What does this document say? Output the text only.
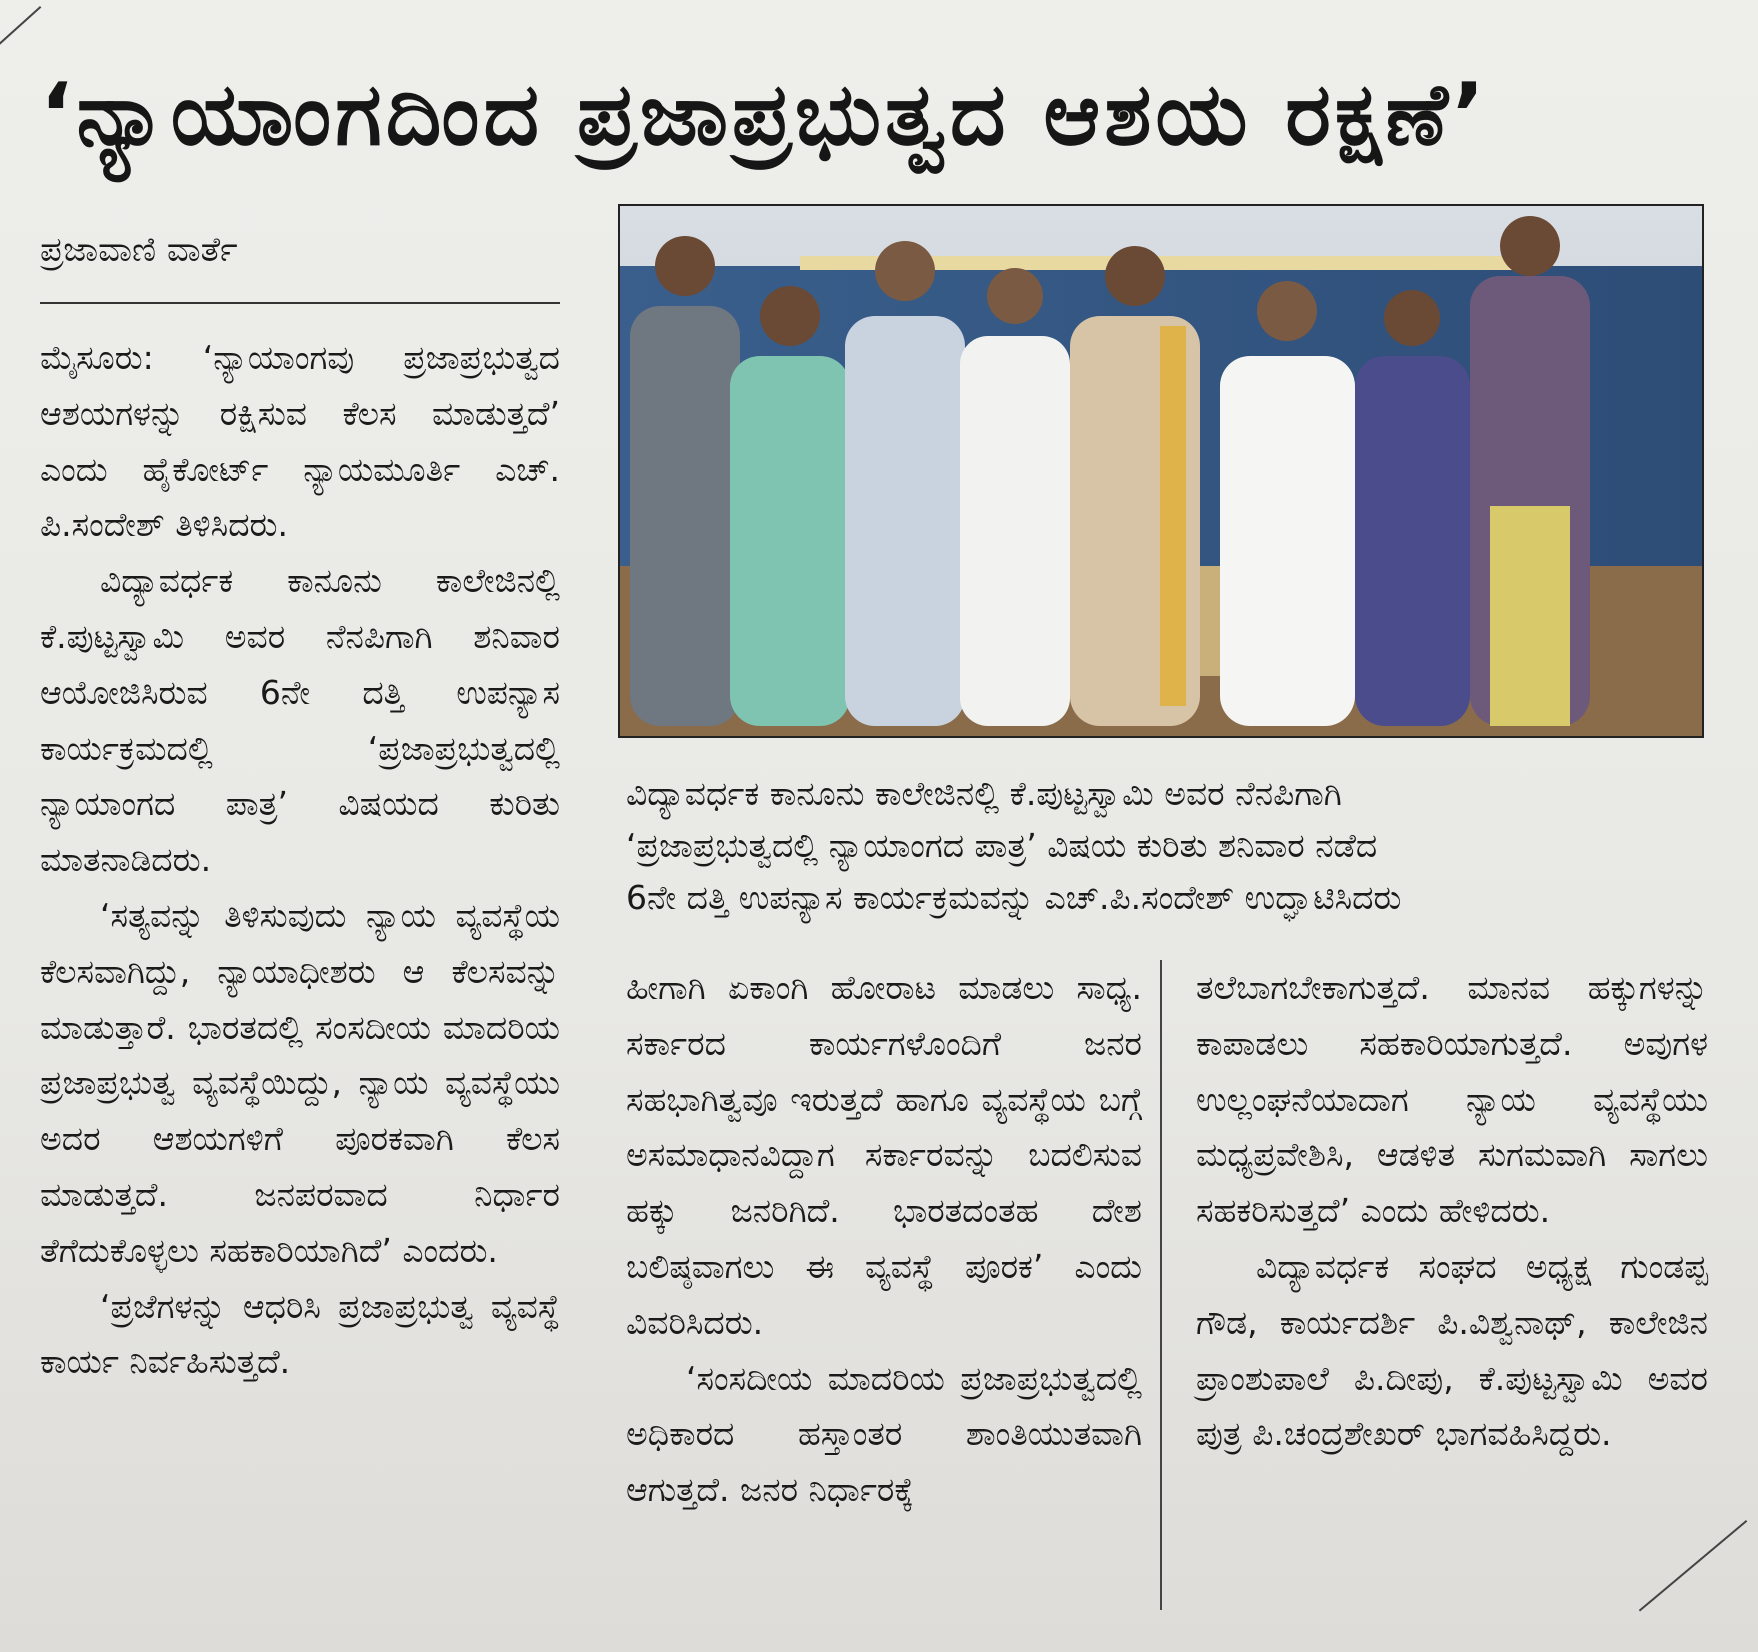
‘ನ್ಯಾಯಾಂಗದಿಂದ ಪ್ರಜಾಪ್ರಭುತ್ವದ ಆಶಯ ರಕ್ಷಣೆ’
ಪ್ರಜಾವಾಣಿ ವಾರ್ತೆ

ಮೈಸೂರು: ‘ನ್ಯಾಯಾಂಗವು ಪ್ರಜಾಪ್ರಭುತ್ವದ ಆಶಯಗಳನ್ನು ರಕ್ಷಿಸುವ ಕೆಲಸ ಮಾಡುತ್ತದೆ’ ಎಂದು ಹೈಕೋರ್ಟ್ ನ್ಯಾಯಮೂರ್ತಿ ಎಚ್. ಪಿ.ಸಂದೇಶ್ ತಿಳಿಸಿದರು.

ವಿದ್ಯಾವರ್ಧಕ ಕಾನೂನು ಕಾಲೇಜಿನಲ್ಲಿ ಕೆ.ಪುಟ್ಟಸ್ವಾಮಿ ಅವರ ನೆನಪಿಗಾಗಿ ಶನಿವಾರ ಆಯೋಜಿಸಿರುವ 6ನೇ ದತ್ತಿ ಉಪನ್ಯಾಸ ಕಾರ್ಯಕ್ರಮದಲ್ಲಿ ‘ಪ್ರಜಾಪ್ರಭುತ್ವದಲ್ಲಿ ನ್ಯಾಯಾಂಗದ ಪಾತ್ರ’ ವಿಷಯದ ಕುರಿತು ಮಾತನಾಡಿದರು.

‘ಸತ್ಯವನ್ನು ತಿಳಿಸುವುದು ನ್ಯಾಯ ವ್ಯವಸ್ಥೆಯ ಕೆಲಸವಾಗಿದ್ದು, ನ್ಯಾಯಾಧೀಶರು ಆ ಕೆಲಸವನ್ನು ಮಾಡುತ್ತಾರೆ. ಭಾರತದಲ್ಲಿ ಸಂಸದೀಯ ಮಾದರಿಯ ಪ್ರಜಾಪ್ರಭುತ್ವ ವ್ಯವಸ್ಥೆಯಿದ್ದು, ನ್ಯಾಯ ವ್ಯವಸ್ಥೆಯು ಅದರ ಆಶಯಗಳಿಗೆ ಪೂರಕವಾಗಿ ಕೆಲಸ ಮಾಡುತ್ತದೆ. ಜನಪರವಾದ ನಿರ್ಧಾರ ತೆಗೆದುಕೊಳ್ಳಲು ಸಹಕಾರಿಯಾಗಿದೆ’ ಎಂದರು.

‘ಪ್ರಜೆಗಳನ್ನು ಆಧರಿಸಿ ಪ್ರಜಾಪ್ರಭುತ್ವ ವ್ಯವಸ್ಥೆ ಕಾರ್ಯ ನಿರ್ವಹಿಸುತ್ತದೆ.

ವಿದ್ಯಾವರ್ಧಕ ಕಾನೂನು ಕಾಲೇಜಿನಲ್ಲಿ ಕೆ.ಪುಟ್ಟಸ್ವಾಮಿ ಅವರ ನೆನಪಿಗಾಗಿ
‘ಪ್ರಜಾಪ್ರಭುತ್ವದಲ್ಲಿ ನ್ಯಾಯಾಂಗದ ಪಾತ್ರ’ ವಿಷಯ ಕುರಿತು ಶನಿವಾರ ನಡೆದ
6ನೇ ದತ್ತಿ ಉಪನ್ಯಾಸ ಕಾರ್ಯಕ್ರಮವನ್ನು ಎಚ್.ಪಿ.ಸಂದೇಶ್ ಉದ್ಘಾಟಿಸಿದರು

ಹೀಗಾಗಿ ಏಕಾಂಗಿ ಹೋರಾಟ ಮಾಡಲು ಸಾಧ್ಯ. ಸರ್ಕಾರದ ಕಾರ್ಯಗಳೊಂದಿಗೆ ಜನರ ಸಹಭಾಗಿತ್ವವೂ ಇರುತ್ತದೆ ಹಾಗೂ ವ್ಯವಸ್ಥೆಯ ಬಗ್ಗೆ ಅಸಮಾಧಾನವಿದ್ದಾಗ ಸರ್ಕಾರವನ್ನು ಬದಲಿಸುವ ಹಕ್ಕು ಜನರಿಗಿದೆ. ಭಾರತದಂತಹ ದೇಶ ಬಲಿಷ್ಠವಾಗಲು ಈ ವ್ಯವಸ್ಥೆ ಪೂರಕ’ ಎಂದು ವಿವರಿಸಿದರು.

‘ಸಂಸದೀಯ ಮಾದರಿಯ ಪ್ರಜಾಪ್ರಭುತ್ವದಲ್ಲಿ ಅಧಿಕಾರದ ಹಸ್ತಾಂತರ ಶಾಂತಿಯುತವಾಗಿ ಆಗುತ್ತದೆ. ಜನರ ನಿರ್ಧಾರಕ್ಕೆ

ತಲೆಬಾಗಬೇಕಾಗುತ್ತದೆ. ಮಾನವ ಹಕ್ಕುಗಳನ್ನು ಕಾಪಾಡಲು ಸಹಕಾರಿಯಾಗುತ್ತದೆ. ಅವುಗಳ ಉಲ್ಲಂಘನೆಯಾದಾಗ ನ್ಯಾಯ ವ್ಯವಸ್ಥೆಯು ಮಧ್ಯಪ್ರವೇಶಿಸಿ, ಆಡಳಿತ ಸುಗಮವಾಗಿ ಸಾಗಲು ಸಹಕರಿಸುತ್ತದೆ’ ಎಂದು ಹೇಳಿದರು.

ವಿದ್ಯಾವರ್ಧಕ ಸಂಘದ ಅಧ್ಯಕ್ಷ ಗುಂಡಪ್ಪ ಗೌಡ, ಕಾರ್ಯದರ್ಶಿ ಪಿ.ವಿಶ್ವನಾಥ್, ಕಾಲೇಜಿನ ಪ್ರಾಂಶುಪಾಲೆ ಪಿ.ದೀಪು, ಕೆ.ಪುಟ್ಟಸ್ವಾಮಿ ಅವರ ಪುತ್ರ ಪಿ.ಚಂದ್ರಶೇಖರ್ ಭಾಗವಹಿಸಿದ್ದರು.
